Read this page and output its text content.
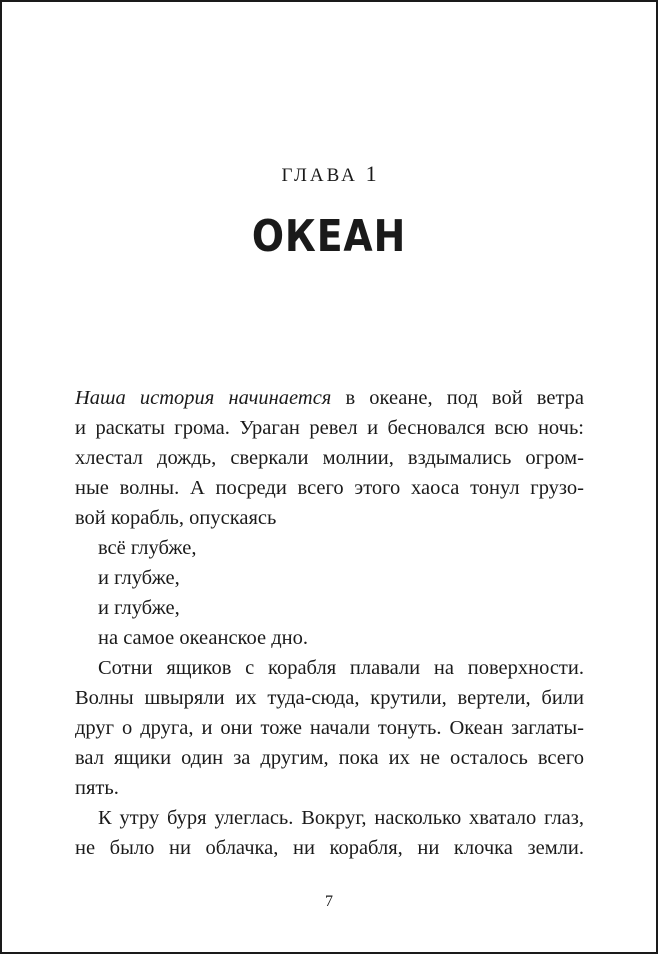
ГЛАВА 1
ОКЕАН
Наша история начинается в океане, под вой ветра
и раскаты грома. Ураган ревел и бесновался всю ночь:
хлестал дождь, сверкали молнии, вздымались огром-
ные волны. А посреди всего этого хаоса тонул грузо-
вой корабль, опускаясь
всё глубже,
и глубже,
и глубже,
на самое океанское дно.
Сотни ящиков с корабля плавали на поверхности.
Волны швыряли их туда-сюда, крутили, вертели, били
друг о друга, и они тоже начали тонуть. Океан заглаты-
вал ящики один за другим, пока их не осталось всего
пять.
К утру буря улеглась. Вокруг, насколько хватало глаз,
не было ни облачка, ни корабля, ни клочка земли.
7
